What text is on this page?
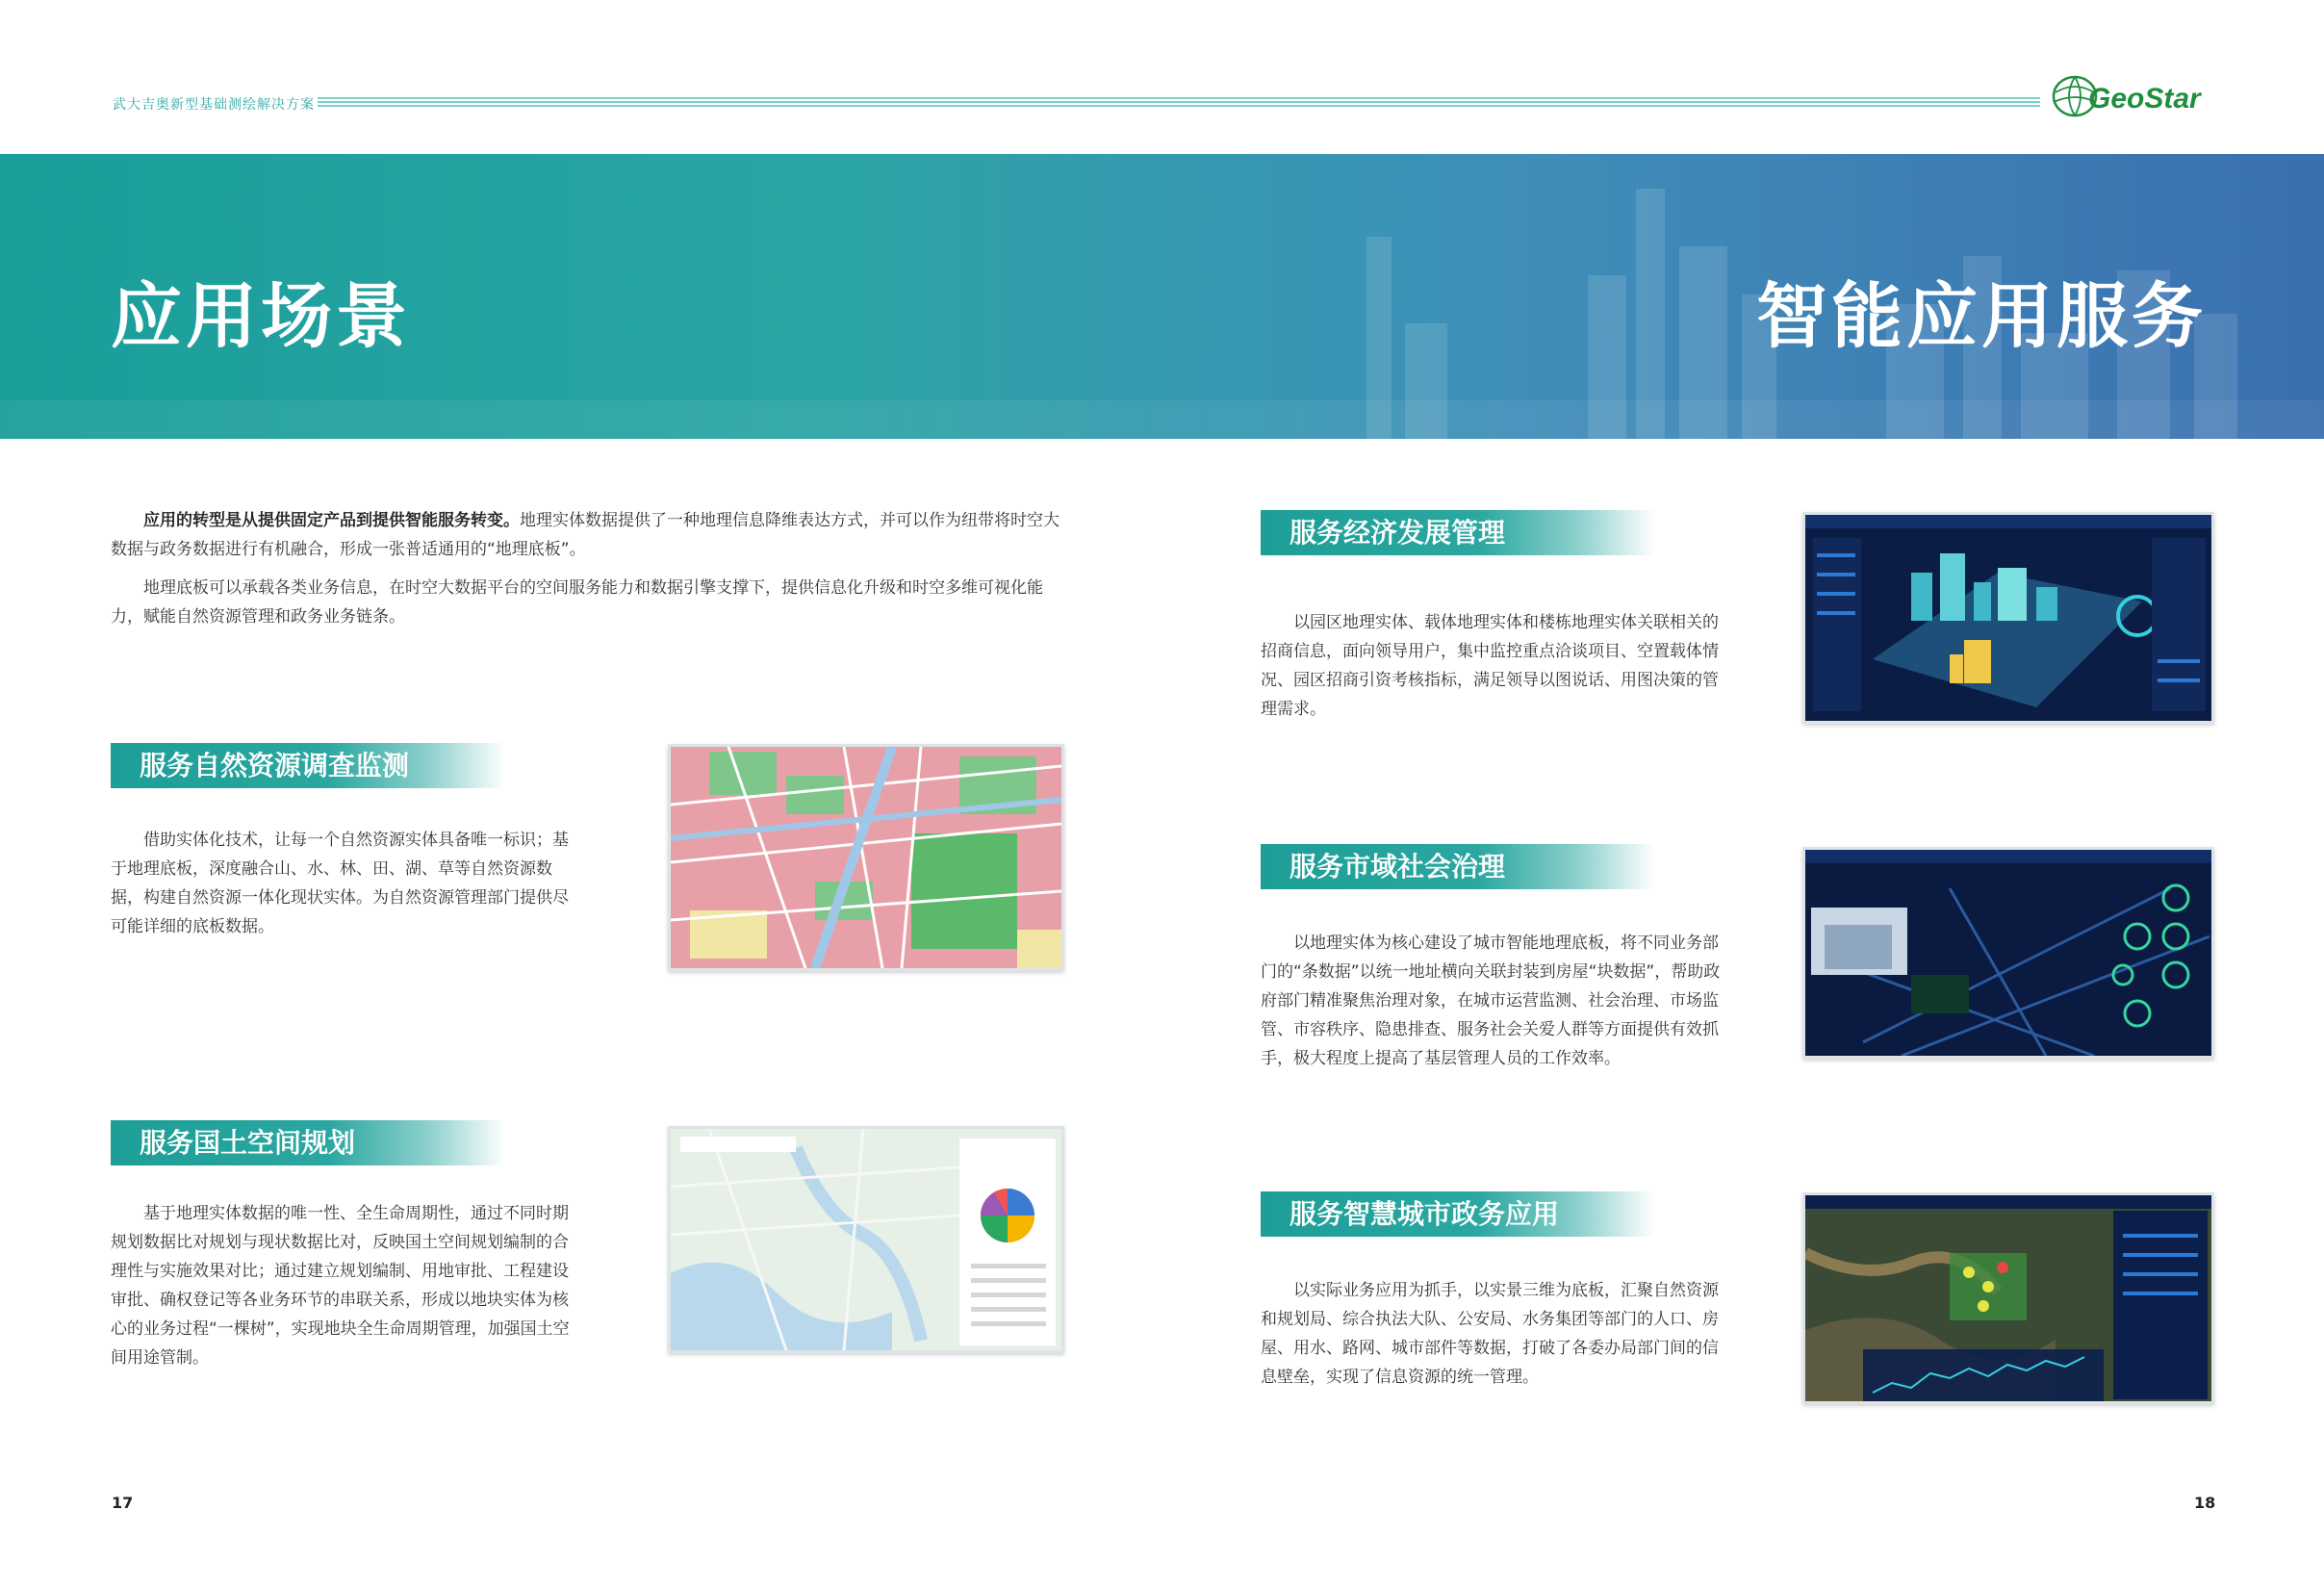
武大吉奥新型基础测绘解决方案	GeoStar
应用场景	智能应用服务
应用的转型是从提供固定产品到提供智能服务转变。地理实体数据提供了一种地理信息降维表达方式，并可以作为纽带将时空大数据与政务数据进行有机融合，形成一张普适通用的“地理底板”。
地理底板可以承载各类业务信息，在时空大数据平台的空间服务能力和数据引擎支撑下，提供信息化升级和时空多维可视化能力，赋能自然资源管理和政务业务链条。
服务自然资源调查监测
借助实体化技术，让每一个自然资源实体具备唯一标识；基于地理底板，深度融合山、水、林、田、湖、草等自然资源数据，构建自然资源一体化现状实体。为自然资源管理部门提供尽可能详细的底板数据。
服务国土空间规划
基于地理实体数据的唯一性、全生命周期性，通过不同时期规划数据比对规划与现状数据比对，反映国土空间规划编制的合理性与实施效果对比；通过建立规划编制、用地审批、工程建设审批、确权登记等各业务环节的串联关系，形成以地块实体为核心的业务过程“一棵树”，实现地块全生命周期管理，加强国土空间用途管制。
服务经济发展管理
以园区地理实体、载体地理实体和楼栋地理实体关联相关的招商信息，面向领导用户，集中监控重点洽谈项目、空置载体情况、园区招商引资考核指标，满足领导以图说话、用图决策的管理需求。
服务市域社会治理
以地理实体为核心建设了城市智能地理底板，将不同业务部门的“条数据”以统一地址横向关联封装到房屋“块数据”，帮助政府部门精准聚焦治理对象，在城市运营监测、社会治理、市场监管、市容秩序、隐患排查、服务社会关爱人群等方面提供有效抓手，极大程度上提高了基层管理人员的工作效率。
服务智慧城市政务应用
以实际业务应用为抓手，以实景三维为底板，汇聚自然资源和规划局、综合执法大队、公安局、水务集团等部门的人口、房屋、用水、路网、城市部件等数据，打破了各委办局部门间的信息壁垒，实现了信息资源的统一管理。
17	18
